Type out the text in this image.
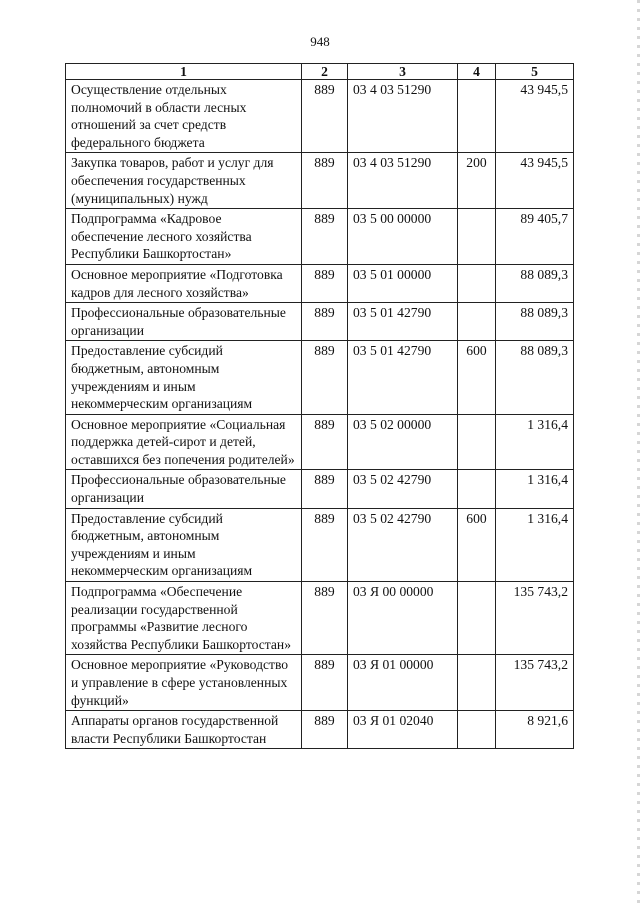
948
1	2	3	4	5
Осуществление отдельных полномочий в области лесных отношений за счет средств федерального бюджета	889	03 4 03 51290		43 945,5
Закупка товаров, работ и услуг для обеспечения государственных (муниципальных) нужд	889	03 4 03 51290	200	43 945,5
Подпрограмма «Кадровое обеспечение лесного хозяйства Республики Башкортостан»	889	03 5 00 00000		89 405,7
Основное мероприятие «Подготовка кадров для лесного хозяйства»	889	03 5 01 00000		88 089,3
Профессиональные образовательные организации	889	03 5 01 42790		88 089,3
Предоставление субсидий бюджетным, автономным учреждениям и иным некоммерческим организациям	889	03 5 01 42790	600	88 089,3
Основное мероприятие «Социальная поддержка детей-сирот и детей, оставшихся без попечения родителей»	889	03 5 02 00000		1 316,4
Профессиональные образовательные организации	889	03 5 02 42790		1 316,4
Предоставление субсидий бюджетным, автономным учреждениям и иным некоммерческим организациям	889	03 5 02 42790	600	1 316,4
Подпрограмма «Обеспечение реализации государственной программы «Развитие лесного хозяйства Республики Башкортостан»	889	03 Я 00 00000		135 743,2
Основное мероприятие «Руководство и управление в сфере установленных функций»	889	03 Я 01 00000		135 743,2
Аппараты органов государственной власти Республики Башкортостан	889	03 Я 01 02040		8 921,6
